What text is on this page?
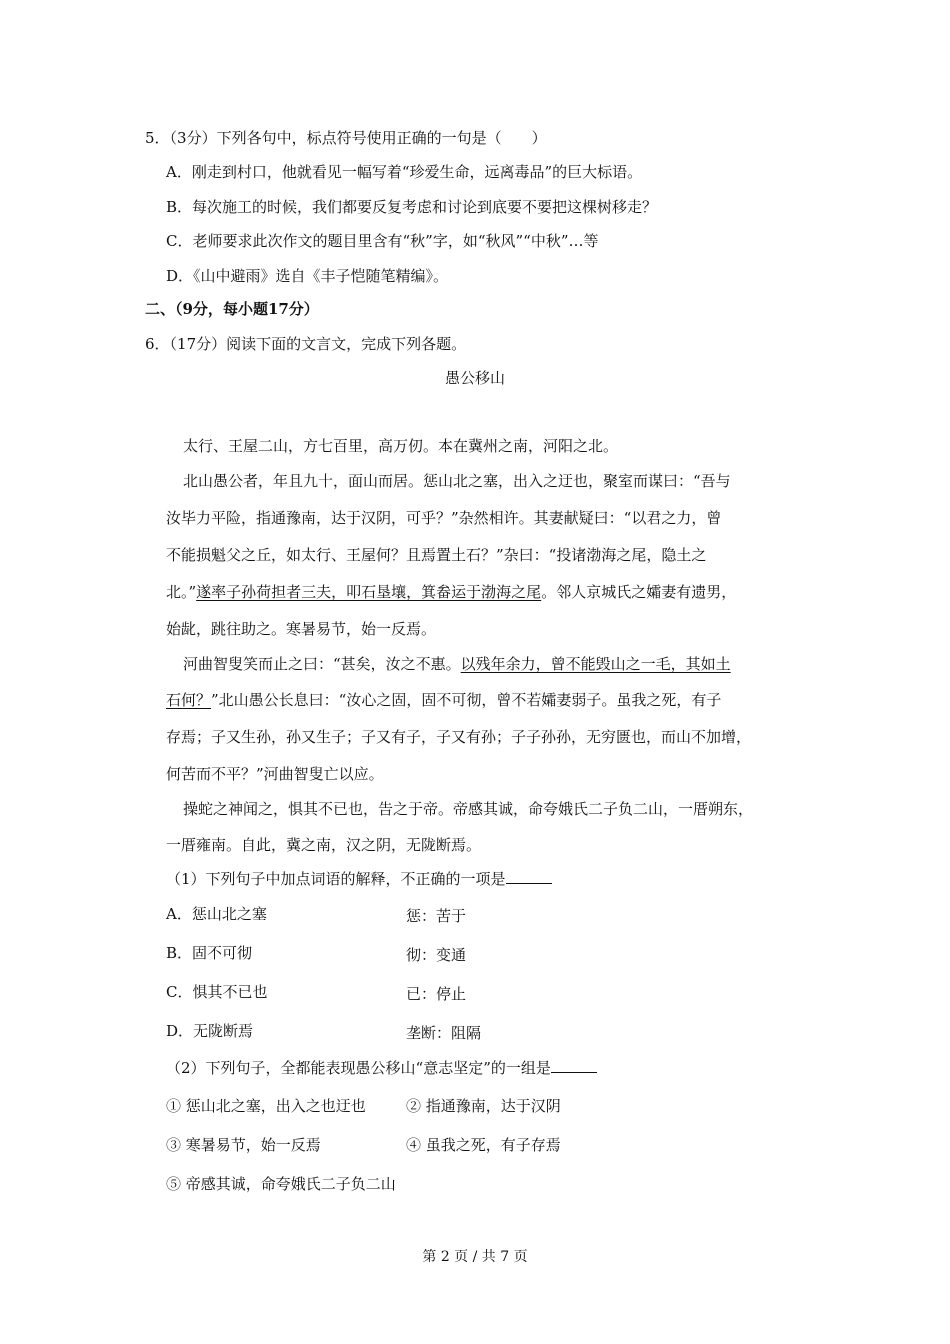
5．（3分）下列各句中，标点符号使用正确的一句是（　　）
A．刚走到村口，他就看见一幅写着“珍爱生命，远离毒品”的巨大标语。
B．每次施工的时候，我们都要反复考虑和讨论到底要不要把这棵树移走？
C．老师要求此次作文的题目里含有“秋”字，如“秋风”“中秋”…等
D．《山中避雨》选自《丰子恺随笔精编》。
二、（9分，每小题17分）
6．（17分）阅读下面的文言文，完成下列各题。
愚公移山
太行、王屋二山，方七百里，高万仞。本在冀州之南，河阳之北。
北山愚公者，年且九十，面山而居。惩山北之塞，出入之迂也，聚室而谋曰：“吾与
汝毕力平险，指通豫南，达于汉阴，可乎？”杂然相许。其妻献疑曰：“以君之力，曾
不能损魁父之丘，如太行、王屋何？且焉置土石？”杂曰：“投诸渤海之尾，隐土之
北。”遂率子孙荷担者三夫，叩石垦壤，箕畚运于渤海之尾。邻人京城氏之孀妻有遗男，
始龀，跳往助之。寒暑易节，始一反焉。
河曲智叟笑而止之曰：“甚矣，汝之不惠。以残年余力，曾不能毁山之一毛，其如土
石何？”北山愚公长息曰：“汝心之固，固不可彻，曾不若孀妻弱子。虽我之死，有子
存焉；子又生孙，孙又生子；子又有子，子又有孙；子子孙孙，无穷匮也，而山不加增，
何苦而不平？”河曲智叟亡以应。
操蛇之神闻之，惧其不已也，告之于帝。帝感其诚，命夸娥氏二子负二山，一厝朔东，
一厝雍南。自此，冀之南，汉之阴，无陇断焉。
（1）下列句子中加点词语的解释，不正确的一项是
A．惩山北之塞	惩：苦于
B．固不可彻	彻：变通
C．惧其不已也	已：停止
D．无陇断焉	垄断：阻隔
（2）下列句子，全都能表现愚公移山“意志坚定”的一组是
① 惩山北之塞，出入之也迂也	② 指通豫南，达于汉阴
③ 寒暑易节，始一反焉	④ 虽我之死，有子存焉
⑤ 帝感其诚，命夸娥氏二子负二山
第 2 页 / 共 7 页
